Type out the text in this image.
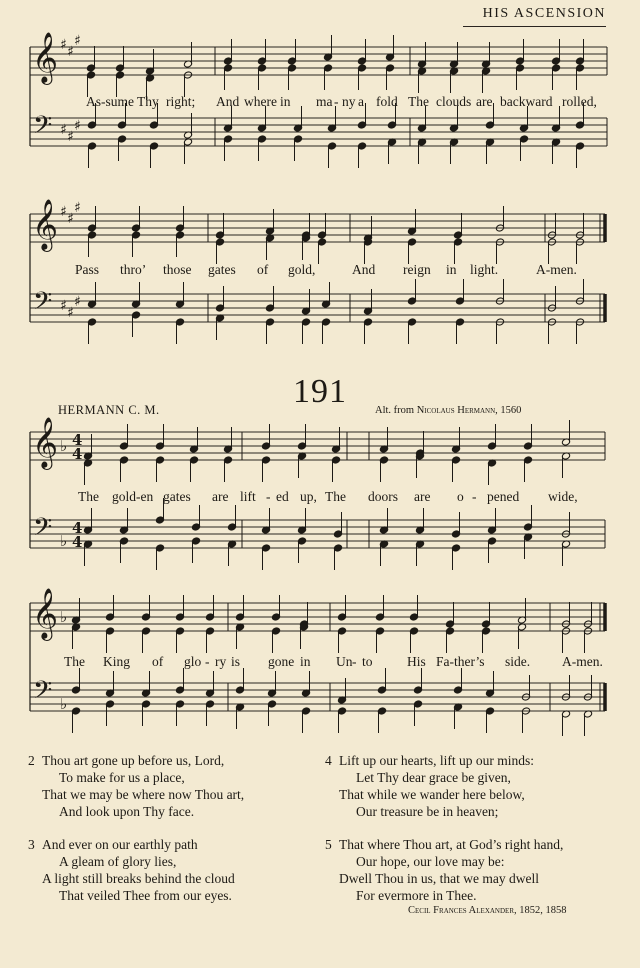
HIS ASCENSION
𝄞
𝄢
♯ ♯
♯
♯ ♯
♯
𝄞
𝄢
♯ ♯
♯
♯ ♯
♯
𝄞
𝄢
♭
♭
4
4
4
4
𝄞
𝄢
♭
♭
As-sume Thy right; And where in ma - ny a fold The clouds are backward rolled,
Pass thro’ those gates of gold,	And reign in light.	A-men.
The gold-en gates are lift - ed up, The doors are o - pened wide,
The King of glo - ry is gone in Un - to	His Fa-ther’s side. A-men.
191
HERMANN C. M.	Alt. from Nicolaus Hermann, 1560
2 Thou art gone up before us, Lord,
To make for us a place,
That we may be where now Thou art,
And look upon Thy face.
3 And ever on our earthly path
A gleam of glory lies,
A light still breaks behind the cloud
That veiled Thee from our eyes.
4 Lift up our hearts, lift up our minds:
Let Thy dear grace be given,
That while we wander here below,
Our treasure be in heaven;
5 That where Thou art, at God’s right hand,
Our hope, our love may be:
Dwell Thou in us, that we may dwell
For evermore in Thee.
Cecil Frances Alexander, 1852, 1858
